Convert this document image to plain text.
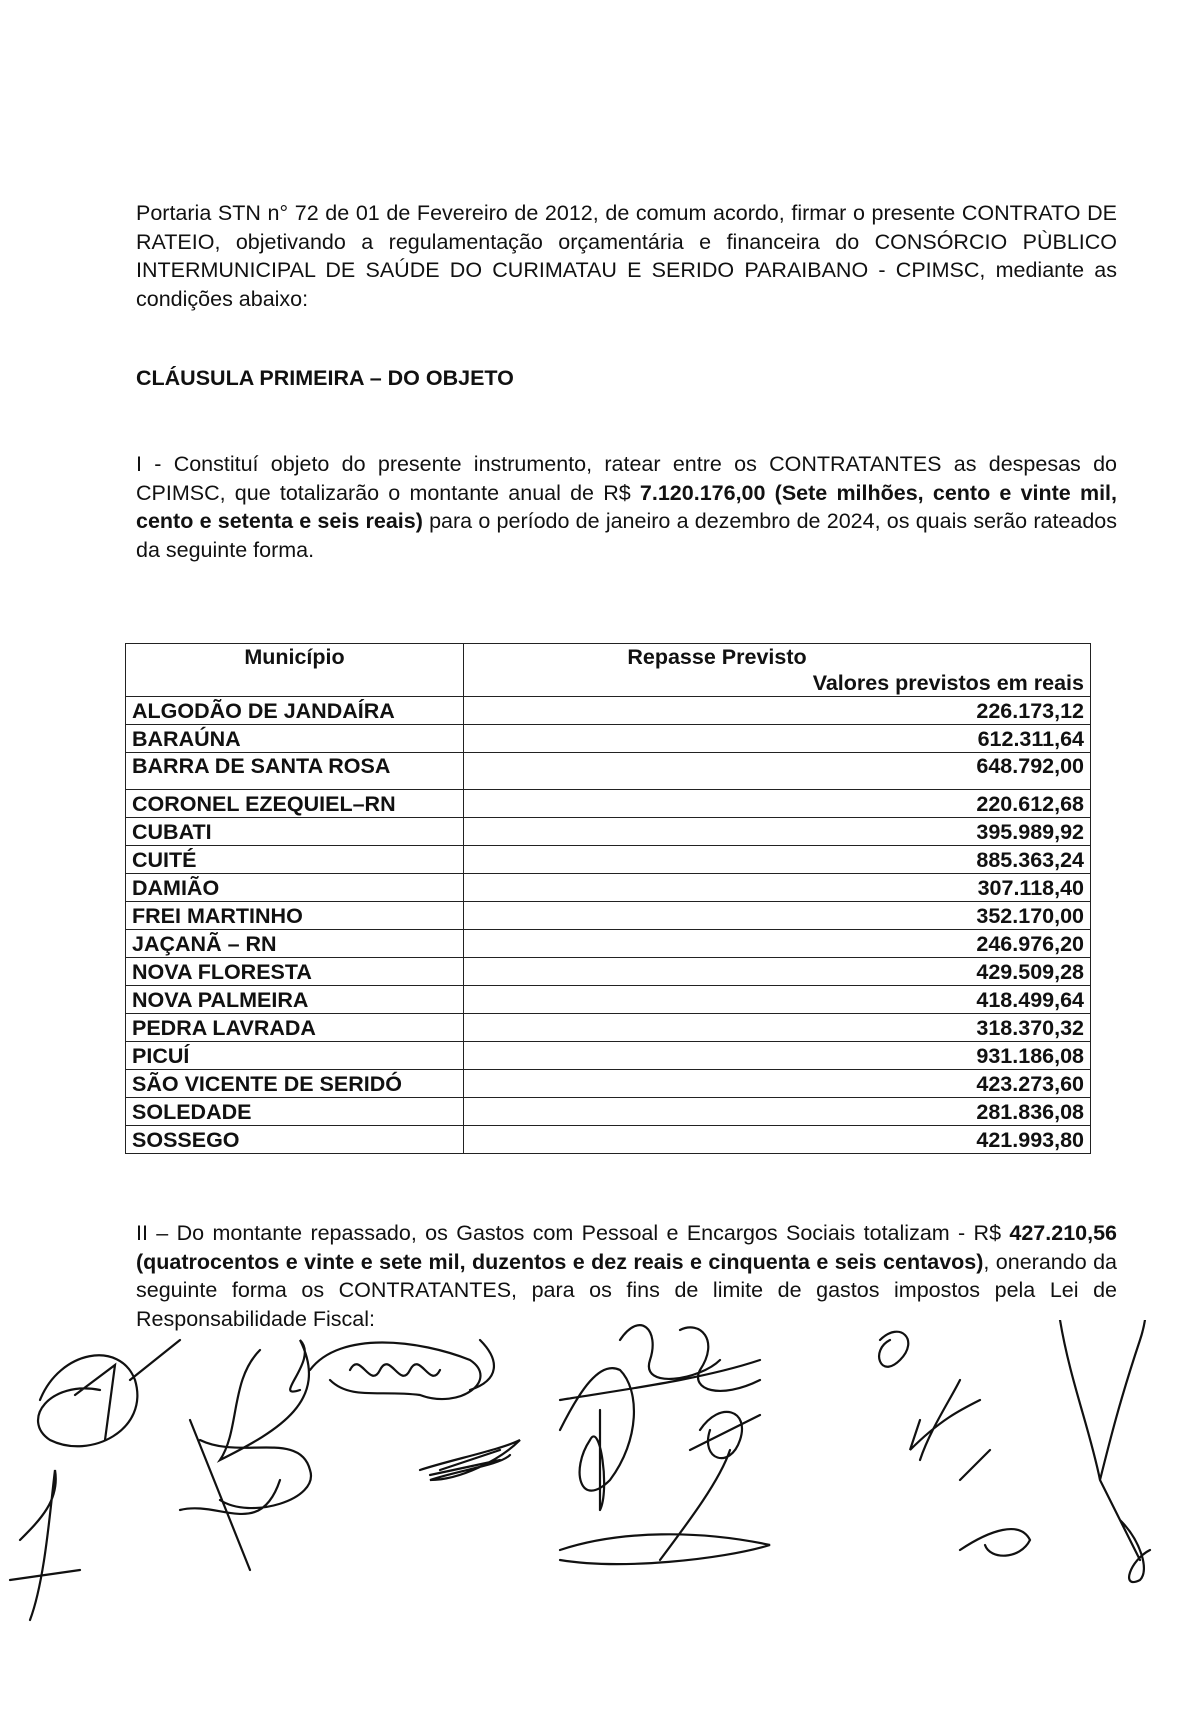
Portaria STN n° 72 de 01 de Fevereiro de 2012, de comum acordo, firmar o presente CONTRATO DE RATEIO, objetivando a regulamentação orçamentária e financeira do CONSÓRCIO PÙBLICO INTERMUNICIPAL DE SAÚDE DO CURIMATAU E SERIDO PARAIBANO - CPIMSC, mediante as condições abaixo:
CLÁUSULA PRIMEIRA – DO OBJETO
I - Constituí objeto do presente instrumento, ratear entre os CONTRATANTES as despesas do CPIMSC, que totalizarão o montante anual de R$ 7.120.176,00 (Sete milhões, cento e vinte mil, cento e setenta e seis reais) para o período de janeiro a dezembro de 2024, os quais serão rateados da seguinte forma.
Município	Repasse Previsto
Valores previstos em reais

ALGODÃO DE JANDAÍRA	226.173,12
BARAÚNA	612.311,64
BARRA DE SANTA ROSA	648.792,00
CORONEL EZEQUIEL–RN	220.612,68
CUBATI	395.989,92
CUITÉ	885.363,24
DAMIÃO	307.118,40
FREI MARTINHO	352.170,00
JAÇANÃ – RN	246.976,20
NOVA FLORESTA	429.509,28
NOVA PALMEIRA	418.499,64
PEDRA LAVRADA	318.370,32
PICUÍ	931.186,08
SÃO VICENTE DE SERIDÓ	423.273,60
SOLEDADE	281.836,08
SOSSEGO	421.993,80
II – Do montante repassado, os Gastos com Pessoal e Encargos Sociais totalizam - R$ 427.210,56 (quatrocentos e vinte e sete mil, duzentos e dez reais e cinquenta e seis centavos), onerando da seguinte forma os CONTRATANTES, para os fins de limite de gastos impostos pela Lei de Responsabilidade Fiscal:
